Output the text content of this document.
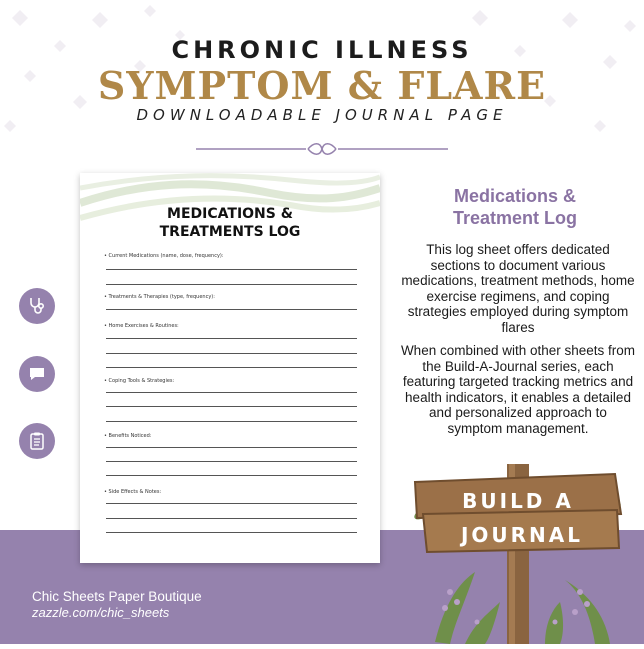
CHRONIC ILLNESS
SYMPTOM & FLARE
DOWNLOADABLE JOURNAL PAGE
MEDICATIONS &
TREATMENTS LOG
• Current Medications (name, dose, frequency):
• Treatments & Therapies (type, frequency):
• Home Exercises & Routines:
• Coping Tools & Strategies:
• Benefits Noticed:
• Side Effects & Notes:
Medications &
Treatment Log
This log sheet offers dedicated sections to document various medications, treatment methods, home exercise regimens, and coping strategies employed during symptom flares
When combined with other sheets from the Build-A-Journal series, each featuring targeted tracking metrics and health indicators, it enables a detailed and personalized approach to symptom management.
BUILD A
JOURNAL
Chic Sheets Paper Boutique
zazzle.com/chic_sheets
